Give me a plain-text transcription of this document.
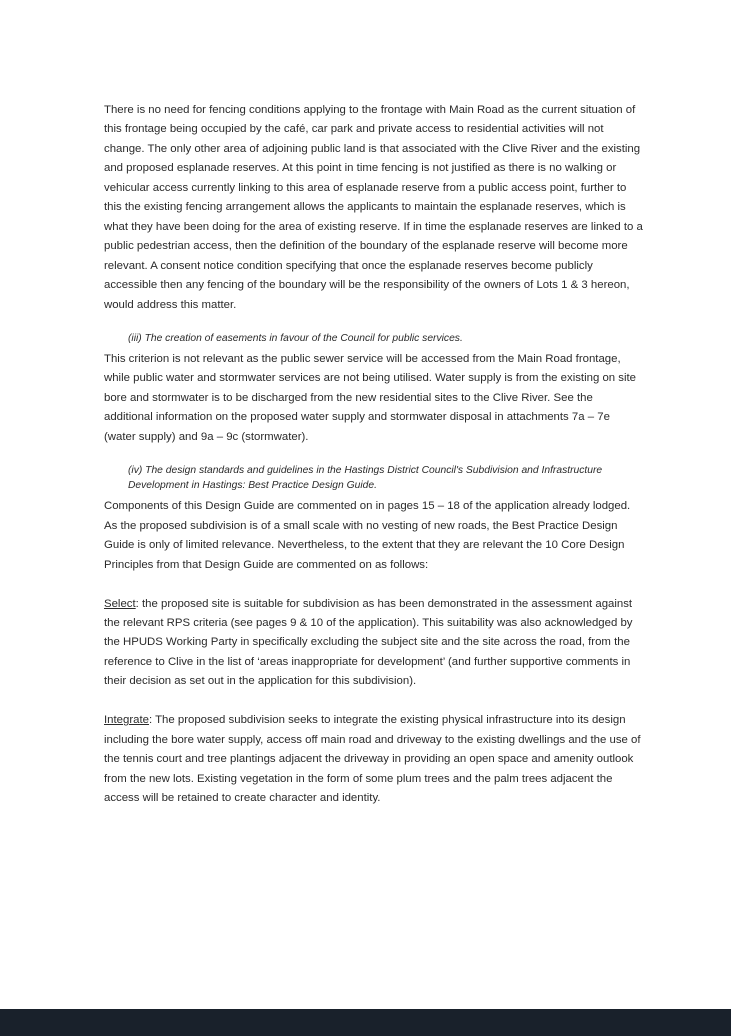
There is no need for fencing conditions applying to the frontage with Main Road as the current situation of this frontage being occupied by the café, car park and private access to residential activities will not change. The only other area of adjoining public land is that associated with the Clive River and the existing and proposed esplanade reserves. At this point in time fencing is not justified as there is no walking or vehicular access currently linking to this area of esplanade reserve from a public access point, further to this the existing fencing arrangement allows the applicants to maintain the esplanade reserves, which is what they have been doing for the area of existing reserve. If in time the esplanade reserves are linked to a public pedestrian access, then the definition of the boundary of the esplanade reserve will become more relevant. A consent notice condition specifying that once the esplanade reserves become publicly accessible then any fencing of the boundary will be the responsibility of the owners of Lots 1 & 3 hereon, would address this matter.

(iii) The creation of easements in favour of the Council for public services.

This criterion is not relevant as the public sewer service will be accessed from the Main Road frontage, while public water and stormwater services are not being utilised. Water supply is from the existing on site bore and stormwater is to be discharged from the new residential sites to the Clive River. See the additional information on the proposed water supply and stormwater disposal in attachments 7a – 7e (water supply) and 9a – 9c (stormwater).

(iv) The design standards and guidelines in the Hastings District Council's Subdivision and Infrastructure Development in Hastings: Best Practice Design Guide.

Components of this Design Guide are commented on in pages 15 – 18 of the application already lodged. As the proposed subdivision is of a small scale with no vesting of new roads, the Best Practice Design Guide is only of limited relevance. Nevertheless, to the extent that they are relevant the 10 Core Design Principles from that Design Guide are commented on as follows:

Select: the proposed site is suitable for subdivision as has been demonstrated in the assessment against the relevant RPS criteria (see pages 9 & 10 of the application). This suitability was also acknowledged by the HPUDS Working Party in specifically excluding the subject site and the site across the road, from the reference to Clive in the list of ‘areas inappropriate for development’ (and further supportive comments in their decision as set out in the application for this subdivision).

Integrate: The proposed subdivision seeks to integrate the existing physical infrastructure into its design including the bore water supply, access off main road and driveway to the existing dwellings and the use of the tennis court and tree plantings adjacent the driveway in providing an open space and amenity outlook from the new lots. Existing vegetation in the form of some plum trees and the palm trees adjacent the access will be retained to create character and identity.
